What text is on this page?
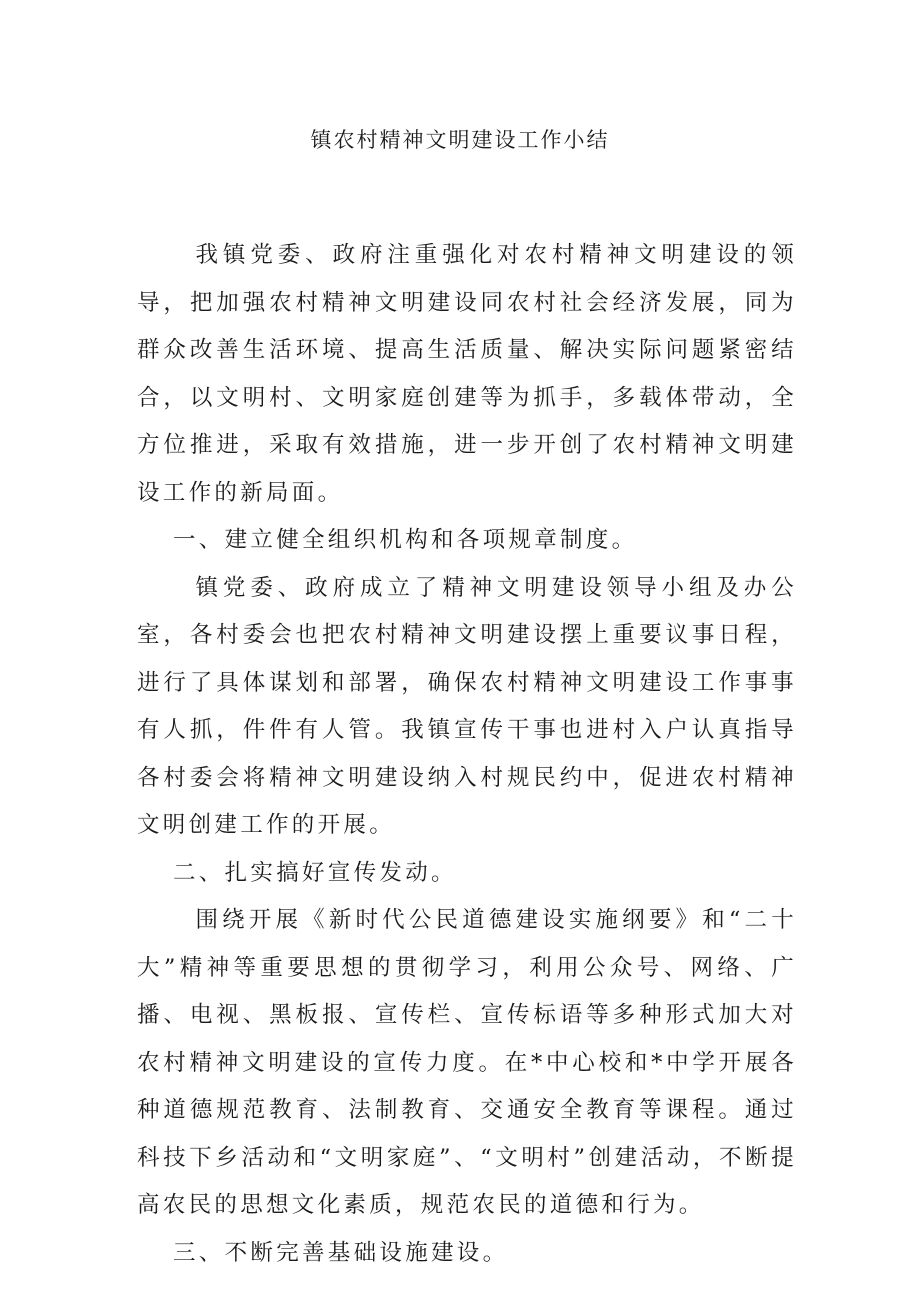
镇农村精神文明建设工作小结

我镇党委、政府注重强化对农村精神文明建设的领导，把加强农村精神文明建设同农村社会经济发展，同为群众改善生活环境、提高生活质量、解决实际问题紧密结合，以文明村、文明家庭创建等为抓手，多载体带动，全方位推进，采取有效措施，进一步开创了农村精神文明建设工作的新局面。

一、建立健全组织机构和各项规章制度。

镇党委、政府成立了精神文明建设领导小组及办公室，各村委会也把农村精神文明建设摆上重要议事日程，进行了具体谋划和部署，确保农村精神文明建设工作事事有人抓，件件有人管。我镇宣传干事也进村入户认真指导各村委会将精神文明建设纳入村规民约中，促进农村精神文明创建工作的开展。

二、扎实搞好宣传发动。

围绕开展《新时代公民道德建设实施纲要》和“二十大”精神等重要思想的贯彻学习，利用公众号、网络、广播、电视、黑板报、宣传栏、宣传标语等多种形式加大对农村精神文明建设的宣传力度。在*中心校和*中学开展各种道德规范教育、法制教育、交通安全教育等课程。通过科技下乡活动和“文明家庭”、“文明村”创建活动，不断提高农民的思想文化素质，规范农民的道德和行为。

三、不断完善基础设施建设。
